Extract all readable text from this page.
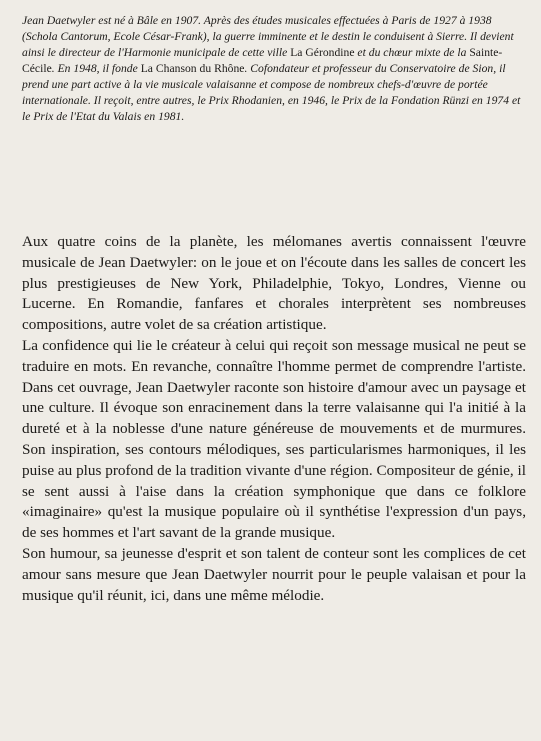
Jean Daetwyler est né à Bâle en 1907. Après des études musicales effectuées à Paris de 1927 à 1938 (Schola Cantorum, Ecole César-Frank), la guerre imminente et le destin le conduisent à Sierre. Il devient ainsi le directeur de l'Harmonie municipale de cette ville La Gérondine et du chœur mixte de la Sainte-Cécile. En 1948, il fonde La Chanson du Rhône. Cofondateur et professeur du Conservatoire de Sion, il prend une part active à la vie musicale valaisanne et compose de nombreux chefs-d'œuvre de portée internationale. Il reçoit, entre autres, le Prix Rhodanien, en 1946, le Prix de la Fondation Rünzi en 1974 et le Prix de l'Etat du Valais en 1981.

Aux quatre coins de la planète, les mélomanes avertis connaissent l'œuvre musicale de Jean Daetwyler: on le joue et on l'écoute dans les salles de concert les plus prestigieuses de New York, Philadelphie, Tokyo, Londres, Vienne ou Lucerne. En Romandie, fanfares et chorales interprètent ses nombreuses compositions, autre volet de sa création artistique.

La confidence qui lie le créateur à celui qui reçoit son message musical ne peut se traduire en mots. En revanche, connaître l'homme permet de comprendre l'artiste. Dans cet ouvrage, Jean Daetwyler raconte son histoire d'amour avec un paysage et une culture. Il évoque son enracinement dans la terre valaisanne qui l'a initié à la dureté et à la noblesse d'une nature généreuse de mouvements et de murmures. Son inspiration, ses contours mélodiques, ses particularismes harmoniques, il les puise au plus profond de la tradition vivante d'une région. Compositeur de génie, il se sent aussi à l'aise dans la création symphonique que dans ce folklore «imaginaire» qu'est la musique populaire où il synthétise l'expression d'un pays, de ses hommes et l'art savant de la grande musique.

Son humour, sa jeunesse d'esprit et son talent de conteur sont les complices de cet amour sans mesure que Jean Daetwyler nourrit pour le peuple valaisan et pour la musique qu'il réunit, ici, dans une même mélodie.
